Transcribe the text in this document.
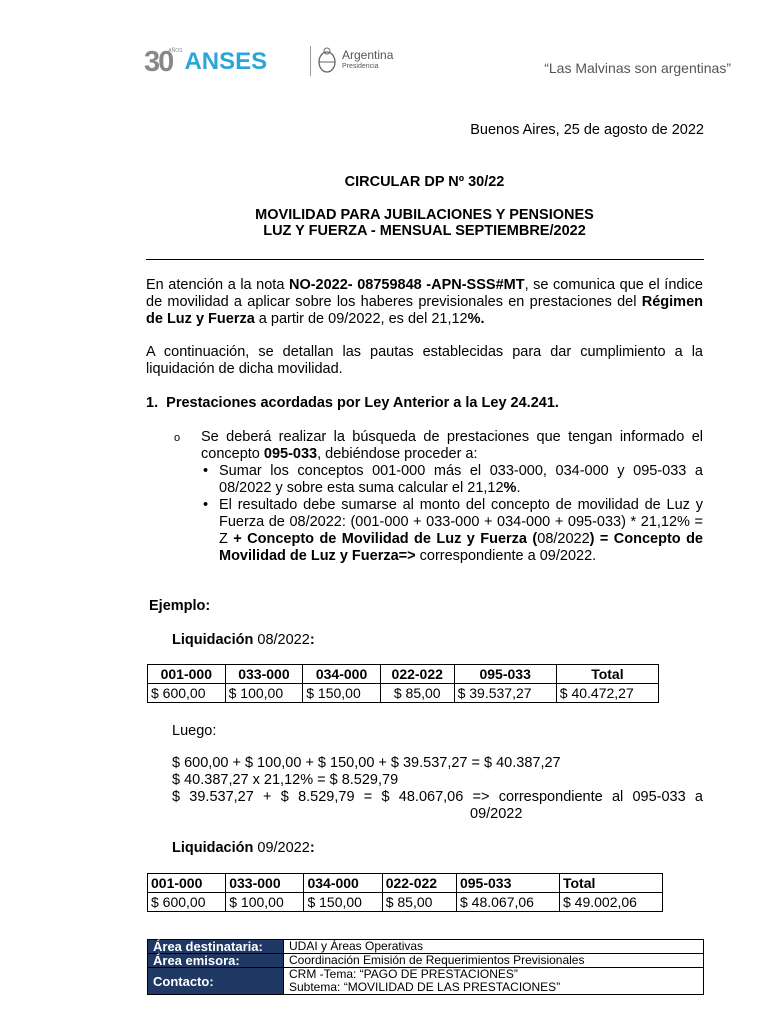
30
AÑOS ANSES	Argentina
Presidencia	“Las Malvinas son argentinas”
Buenos Aires, 25 de agosto de 2022
CIRCULAR DP Nº 30/22
MOVILIDAD PARA JUBILACIONES Y PENSIONES
LUZ Y FUERZA - MENSUAL SEPTIEMBRE/2022
En atención a la nota NO-2022- 08759848 -APN-SSS#MT, se comunica que el índice de movilidad a aplicar sobre los haberes previsionales en prestaciones del Régimen de Luz y Fuerza a partir de 09/2022, es del 21,12%.
A continuación, se detallan las pautas establecidas para dar cumplimiento a la liquidación de dicha movilidad.
1. Prestaciones acordadas por Ley Anterior a la Ley 24.241.
o Se deberá realizar la búsqueda de prestaciones que tengan informado el concepto 095-033, debiéndose proceder a:
• Sumar los conceptos 001-000 más el 033-000, 034-000 y 095-033 a 08/2022 y sobre esta suma calcular el 21,12%.
• El resultado debe sumarse al monto del concepto de movilidad de Luz y Fuerza de 08/2022: (001-000 + 033-000 + 034-000 + 095-033) * 21,12% = Z + Concepto de Movilidad de Luz y Fuerza (08/2022) = Concepto de Movilidad de Luz y Fuerza=> correspondiente a 09/2022.
Ejemplo:
Liquidación 08/2022:
001-000	033-000	034-000	022-022	095-033	Total
$ 600,00	$ 100,00	$ 150,00	$ 85,00	$ 39.537,27	$ 40.472,27
Luego:
$ 600,00 + $ 100,00 + $ 150,00 + $ 39.537,27 = $ 40.387,27
$ 40.387,27 x 21,12% = $ 8.529,79
$ 39.537,27 + $ 8.529,79 = $ 48.067,06 => correspondiente al 095-033 a
09/2022
Liquidación 09/2022:
001-000	033-000	034-000	022-022	095-033	Total
$ 600,00	$ 100,00	$ 150,00	$ 85,00	$ 48.067,06	$ 49.002,06
Área destinataria:	UDAI y Áreas Operativas
Área emisora:	Coordinación Emisión de Requerimientos Previsionales
Contacto:	CRM -Tema: “PAGO DE PRESTACIONES”
Subtema: “MOVILIDAD DE LAS PRESTACIONES”
